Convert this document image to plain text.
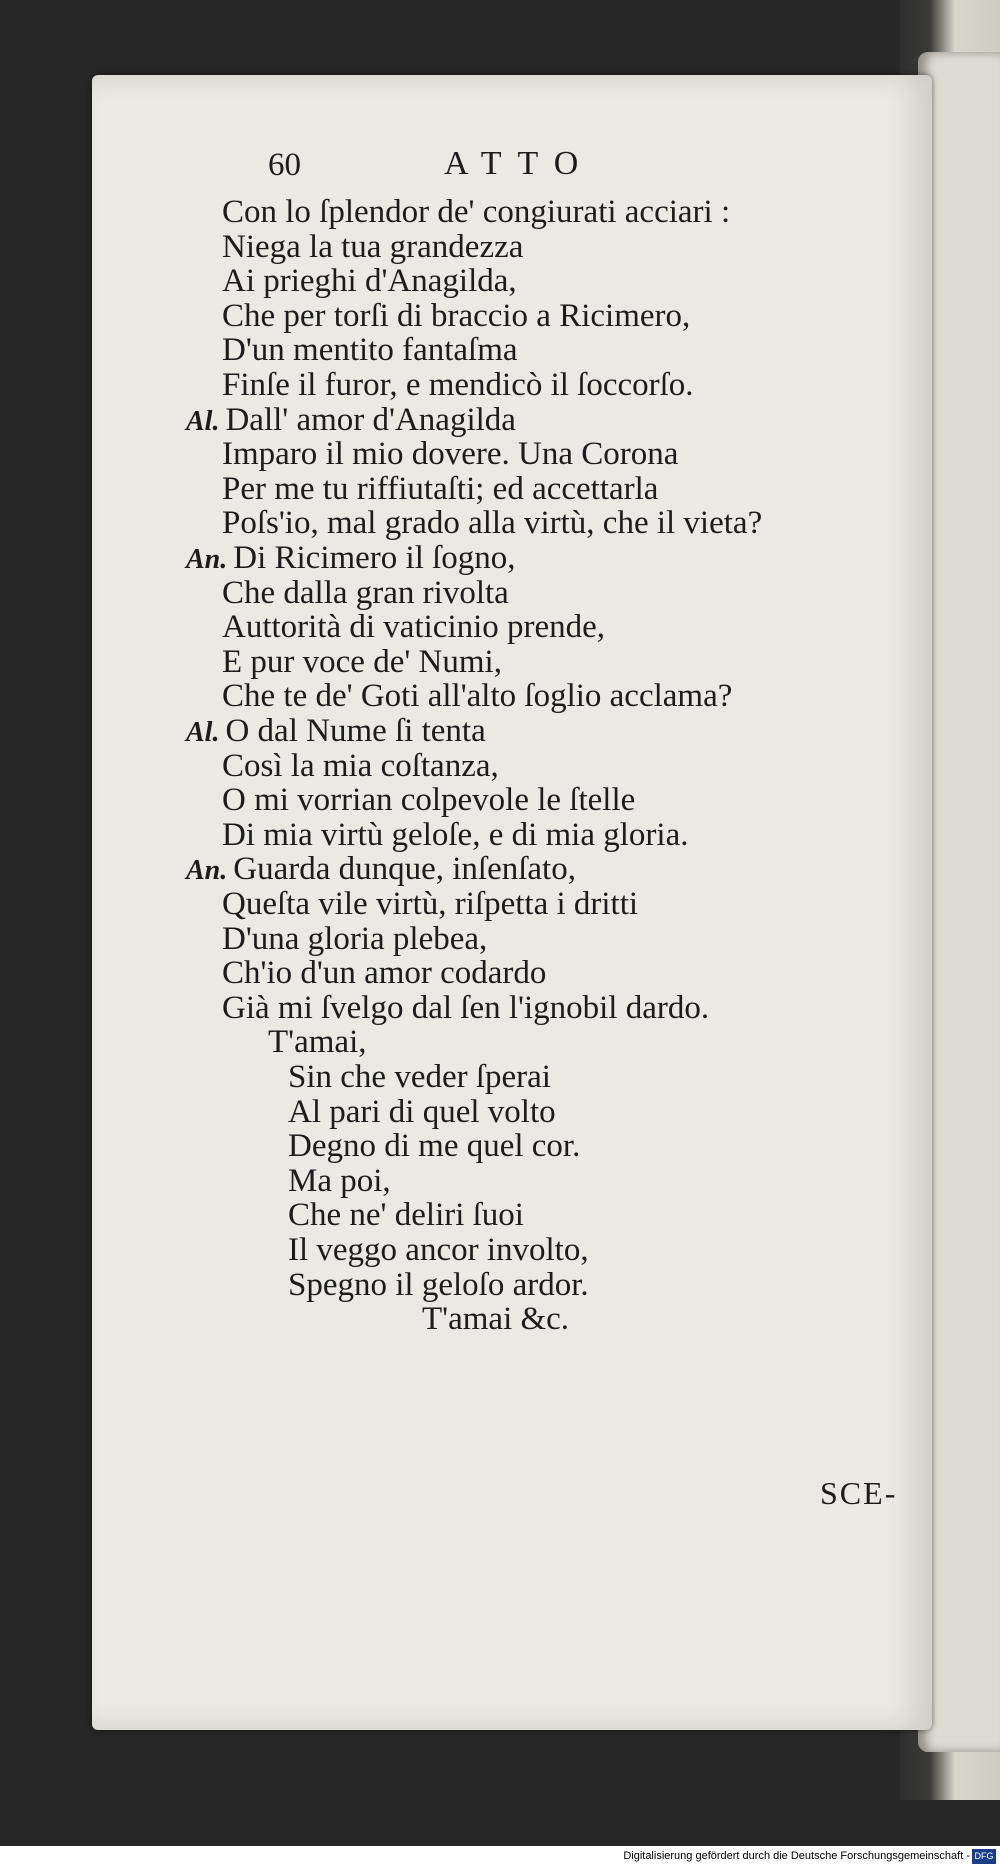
60	ATTO
Con lo ſplendor de' congiurati acciari :
Niega la tua grandezza
Ai prieghi d'Anagilda,
Che per torſi di braccio a Ricimero,
D'un mentito fantaſma
Finſe il furor, e mendicò il ſoccorſo.
Al. Dall' amor d'Anagilda
Imparo il mio dovere. Una Corona
Per me tu riffiutaſti; ed accettarla
Poſs'io, mal grado alla virtù, che il vieta?
An. Di Ricimero il ſogno,
Che dalla gran rivolta
Auttorità di vaticinio prende,
E pur voce de' Numi,
Che te de' Goti all'alto ſoglio acclama?
Al. O dal Nume ſi tenta
Così la mia coſtanza,
O mi vorrian colpevole le ſtelle
Di mia virtù geloſe, e di mia gloria.
An. Guarda dunque, inſenſato,
Queſta vile virtù, riſpetta i dritti
D'una gloria plebea,
Ch'io d'un amor codardo
Già mi ſvelgo dal ſen l'ignobil dardo.
T'amai,
Sin che veder ſperai
Al pari di quel volto
Degno di me quel cor.
Ma poi,
Che ne' deliri ſuoi
Il veggo ancor involto,
Spegno il geloſo ardor.
T'amai &c.
SCE-
Digitalisierung gefördert durch die Deutsche Forschungsgemeinschaft - DFG
